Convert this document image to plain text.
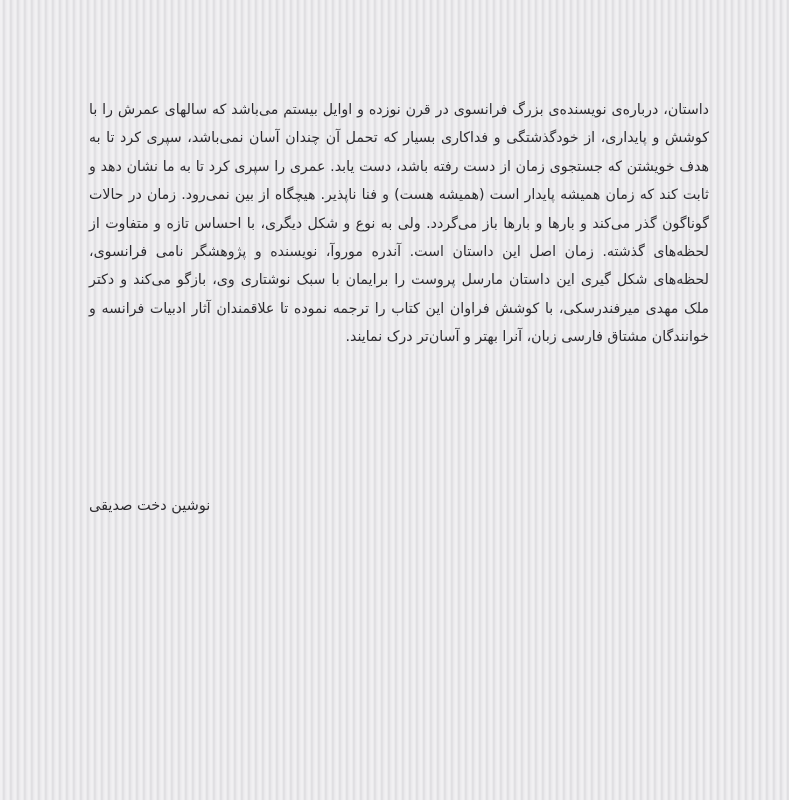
داستان، درباره‌ی نویسنده‌ی بزرگ فرانسوی در قرن نوزده و اوایل بیستم می‌باشد که سالهای عمرش را با کوشش و پایداری، از خودگذشتگی و فداکاری بسیار که تحمل آن چندان آسان نمی‌باشد، سپری کرد تا به هدف خویشتن که جستجوی زمان از دست رفته باشد، دست یابد. عمری را سپری کرد تا به ما نشان دهد و ثابت کند که زمان همیشه پایدار است (همیشه هست) و فنا ناپذیر. هیچگاه از بین نمی‌رود. زمان در حالات گوناگون گذر می‌کند و بارها و بارها باز می‌گردد. ولی به نوع و شکل دیگری، با احساس تازه و متفاوت از لحظه‌های گذشته. زمان اصل این داستان است. آندره موروآ، نویسنده و پژوهشگر نامی فرانسوی، لحظه‌های شکل گیری این داستان مارسل پروست را برایمان با سبک نوشتاری وی، بازگو می‌کند و دکتر ملک مهدی میرفندرسکی، با کوشش فراوان این کتاب را ترجمه نموده تا علاقمندان آثار ادبیات فرانسه و خوانندگان مشتاق فارسی زبان، آنرا بهتر و آسان‌تر درک نمایند.

نوشین دخت صدیقی
